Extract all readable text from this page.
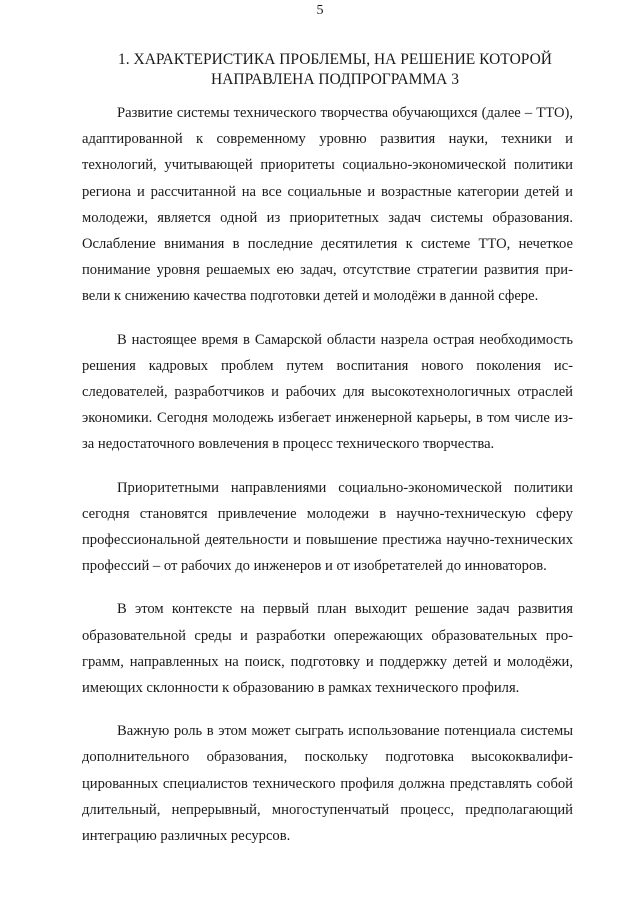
5
1. ХАРАКТЕРИСТИКА ПРОБЛЕМЫ, НА РЕШЕНИЕ КОТОРОЙ
НАПРАВЛЕНА ПОДПРОГРАММА 3

Развитие системы технического творчества обучающихся (далее – ТТО), адаптированной к современному уровню развития науки, техники и технологий, учитывающей приоритеты социально-экономической политики региона и рассчитанной на все социальные и возрастные категории детей и молодежи, является одной из приоритетных задач системы образования. Ослабление внимания в последние десятилетия к системе ТТО, нечеткое понимание уровня решаемых ею задач, отсутствие стратегии развития привели к снижению качества подготовки детей и молодёжи в данной сфере.

В настоящее время в Самарской области назрела острая необходимость решения кадровых проблем путем воспитания нового поколения исследователей, разработчиков и рабочих для высокотехнологичных отраслей экономики. Сегодня молодежь избегает инженерной карьеры, в том числе из-за недостаточного вовлечения в процесс технического творчества.

Приоритетными направлениями социально-экономической политики сегодня становятся привлечение молодежи в научно-техническую сферу профессиональной деятельности и повышение престижа научно-технических профессий – от рабочих до инженеров и от изобретателей до инноваторов.

В этом контексте на первый план выходит решение задач развития образовательной среды и разработки опережающих образовательных программ, направленных на поиск, подготовку и поддержку детей и молодёжи, имеющих склонности к образованию в рамках технического профиля.

Важную роль в этом может сыграть использование потенциала системы дополнительного образования, поскольку подготовка высококвалифицированных специалистов технического профиля должна представлять собой длительный, непрерывный, многоступенчатый процесс, предполагающий интеграцию различных ресурсов.
